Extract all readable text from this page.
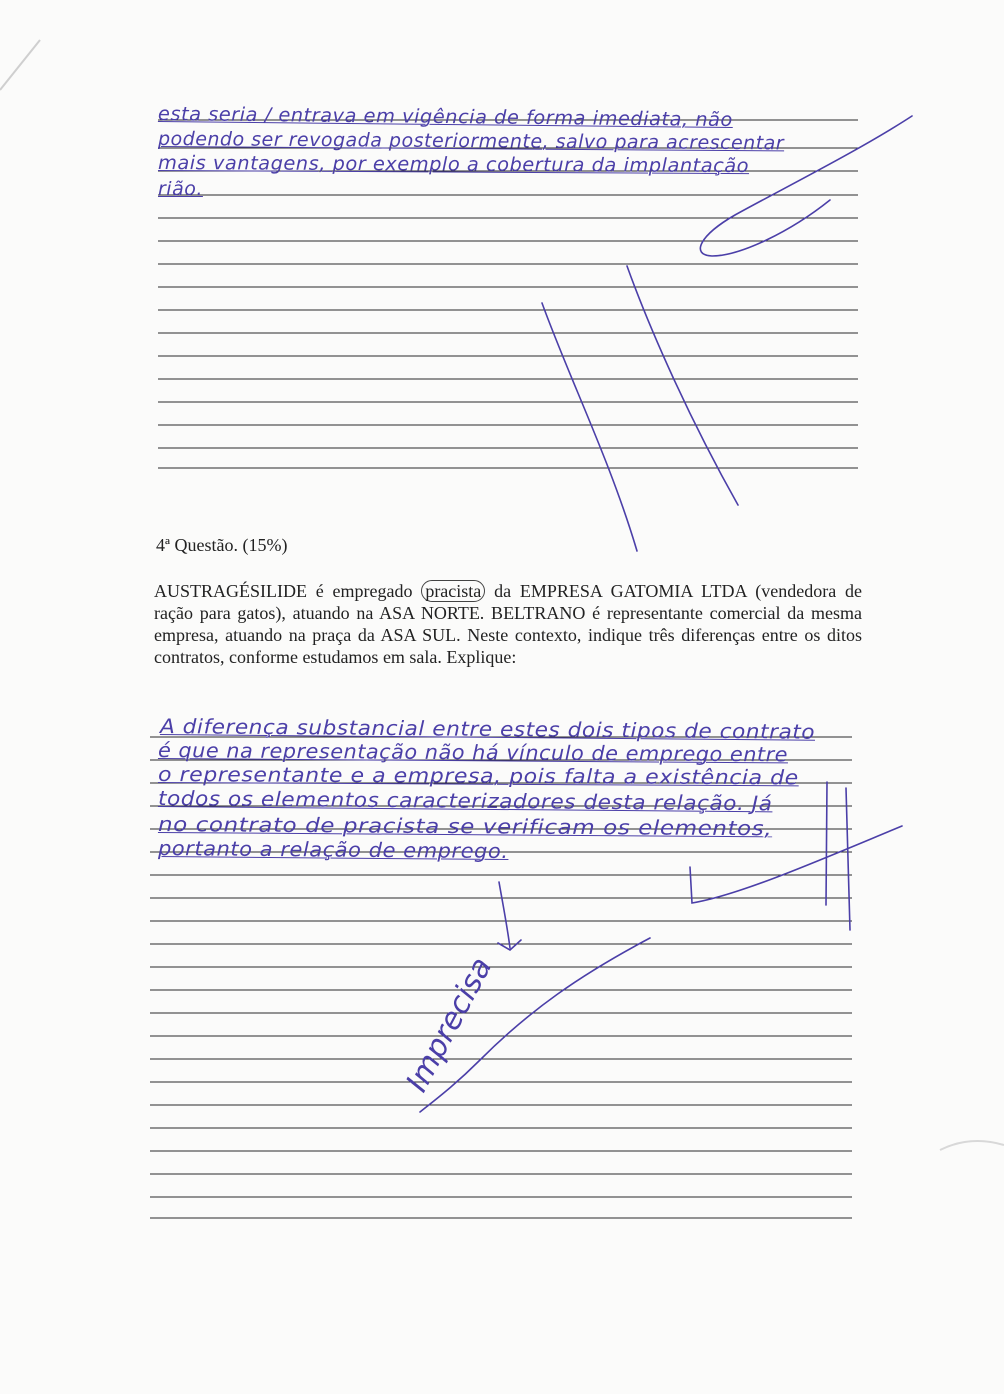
esta seria / entrava em vigência de forma imediata, não
podendo ser revogada posteriormente, salvo para acrescentar
mais vantagens, por exemplo a cobertura da implantação
rião.
4ª Questão. (15%)
AUSTRAGÉSILIDE é empregado pracista da EMPRESA GATOMIA LTDA (vendedora de ração para gatos), atuando na ASA NORTE. BELTRANO é representante comercial da mesma empresa, atuando na praça da ASA SUL. Neste contexto, indique três diferenças entre os ditos contratos, conforme estudamos em sala. Explique:
A diferença substancial entre estes dois tipos de contrato
é que na representação não há vínculo de emprego entre
o representante e a empresa, pois falta a existência de
todos os elementos caracterizadores desta relação. Já
no contrato de pracista se verificam os elementos,
portanto a relação de emprego.
Imprecisa
